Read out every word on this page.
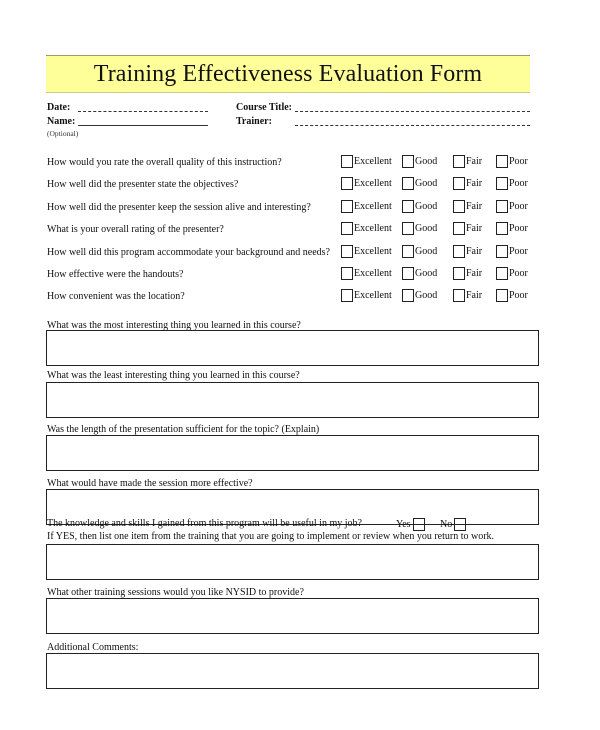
Training Effectiveness Evaluation Form
Date:
Name:
(Optional)
Course Title:
Trainer:
How would you rate the overall quality of this instruction?	Excellent Good	Fair	Poor
How well did the presenter state the objectives?	Excellent Good	Fair	Poor
How well did the presenter keep the session alive and interesting?	Excellent Good	Fair	Poor
What is your overall rating of the presenter?	Excellent Good	Fair	Poor
How well did this program accommodate your background and needs? Excellent Good	Fair	Poor
How effective were the handouts?	Excellent Good	Fair	Poor
How convenient was the location?	Excellent Good	Fair	Poor
What was the most interesting thing you learned in this course?
What was the least interesting thing you learned in this course?
Was the length of the presentation sufficient for the topic? (Explain)
What would have made the session more effective?
The knowledge and skills I gained from this program will be useful in my job?	Yes	No
If YES, then list one item from the training that you are going to implement or review when you return to work.
What other training sessions would you like NYSID to provide?
Additional Comments:
